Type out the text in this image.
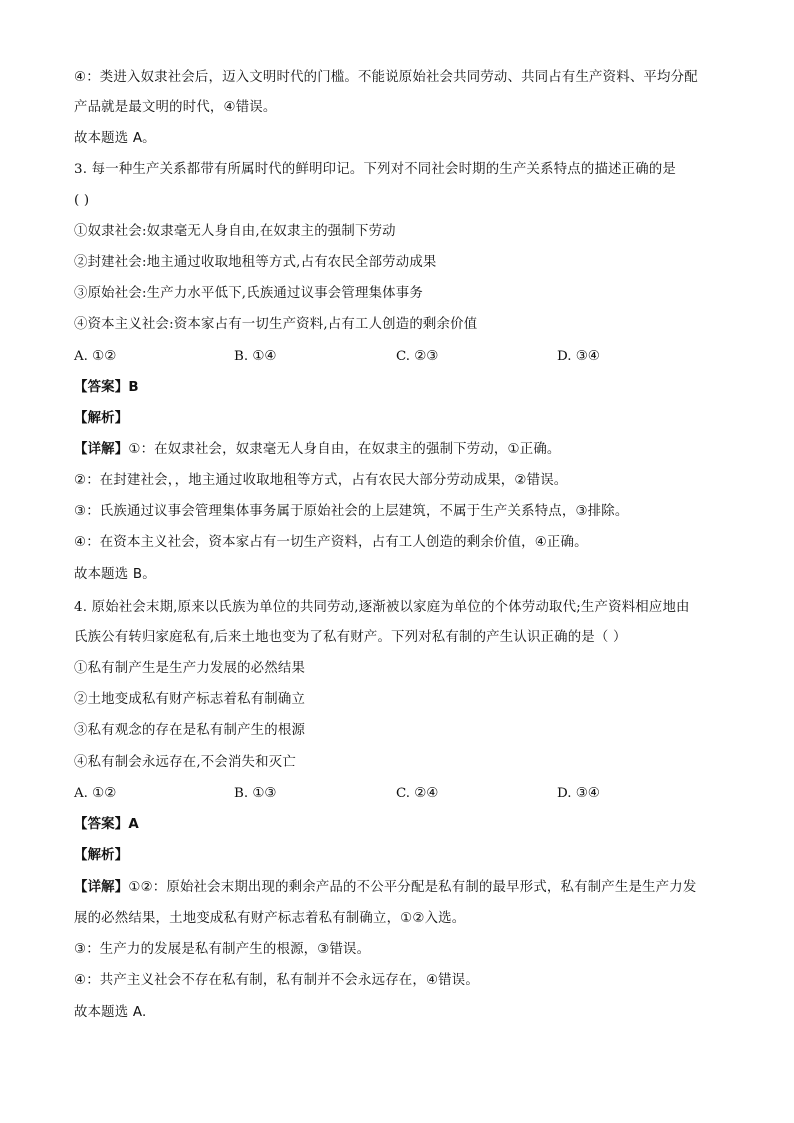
④：类进入奴隶社会后，迈入文明时代的门槛。不能说原始社会共同劳动、共同占有生产资料、平均分配
产品就是最文明的时代，④错误。
故本题选 A。
3. 每一种生产关系都带有所属时代的鲜明印记。下列对不同社会时期的生产关系特点的描述正确的是
( )
①奴隶社会:奴隶毫无人身自由,在奴隶主的强制下劳动
②封建社会:地主通过收取地租等方式,占有农民全部劳动成果
③原始社会:生产力水平低下,氏族通过议事会管理集体事务
④资本主义社会:资本家占有一切生产资料,占有工人创造的剩余价值
A. ①②	B. ①④	C. ②③	D. ③④
【答案】B
【解析】
【详解】①：在奴隶社会，奴隶毫无人身自由，在奴隶主的强制下劳动，①正确。
②：在封建社会，，地主通过收取地租等方式，占有农民大部分劳动成果，②错误。
③：氏族通过议事会管理集体事务属于原始社会的上层建筑，不属于生产关系特点，③排除。
④：在资本主义社会，资本家占有一切生产资料，占有工人创造的剩余价值，④正确。
故本题选 B。
4. 原始社会末期,原来以氏族为单位的共同劳动,逐渐被以家庭为单位的个体劳动取代;生产资料相应地由
氏族公有转归家庭私有,后来土地也变为了私有财产。下列对私有制的产生认识正确的是（ ）
①私有制产生是生产力发展的必然结果
②土地变成私有财产标志着私有制确立
③私有观念的存在是私有制产生的根源
④私有制会永远存在,不会消失和灭亡
A. ①②	B. ①③	C. ②④	D. ③④
【答案】A
【解析】
【详解】①②：原始社会末期出现的剩余产品的不公平分配是私有制的最早形式，私有制产生是生产力发
展的必然结果，土地变成私有财产标志着私有制确立，①②入选。
③：生产力的发展是私有制产生的根源，③错误。
④：共产主义社会不存在私有制，私有制并不会永远存在，④错误。
故本题选 A.
